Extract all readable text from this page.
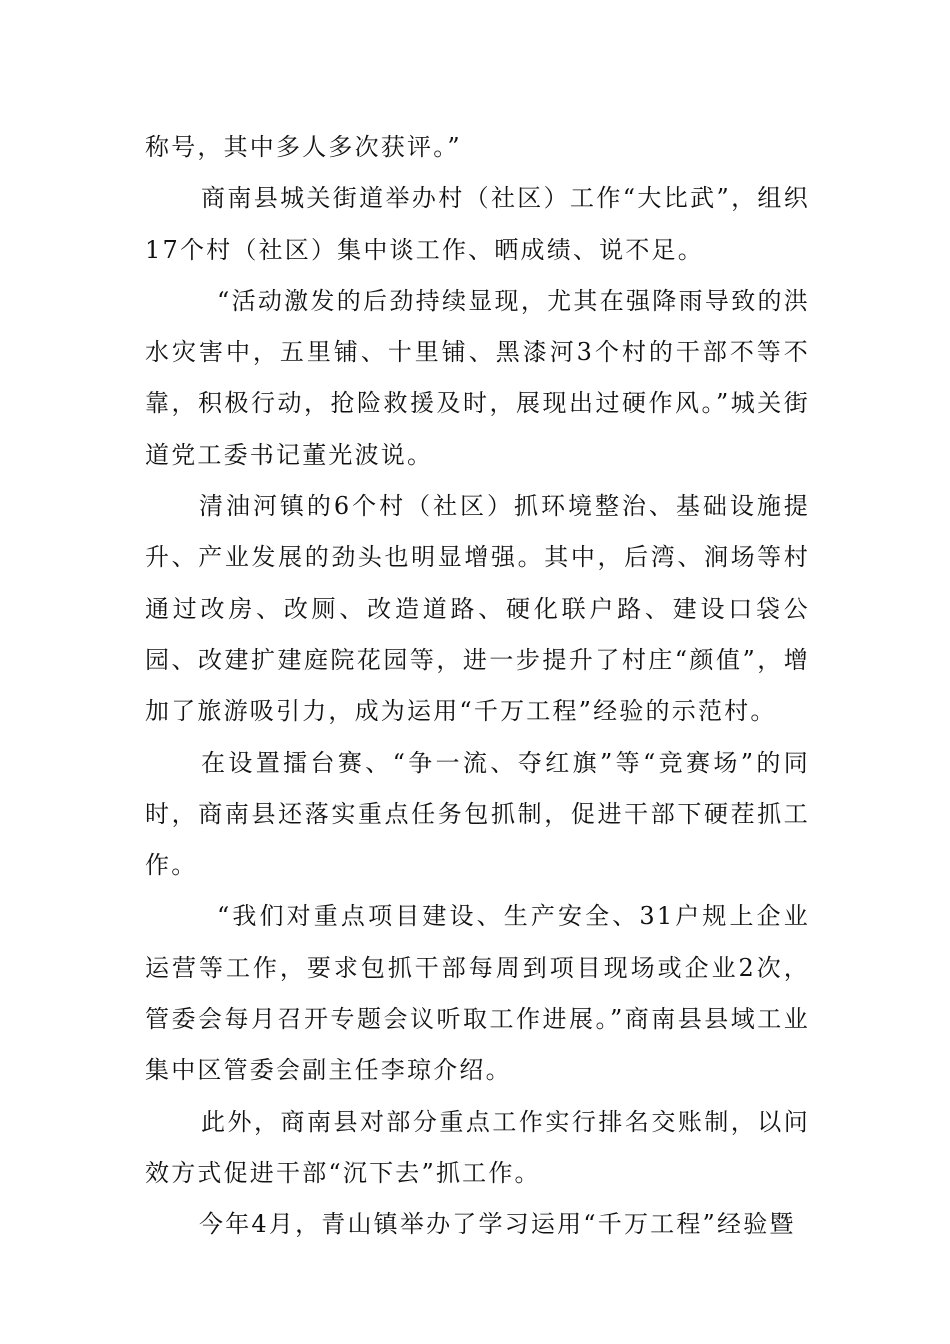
称号，其中多人多次获评。”

商南县城关街道举办村（社区）工作“大比武”，组织17个村（社区）集中谈工作、晒成绩、说不足。

“活动激发的后劲持续显现，尤其在强降雨导致的洪水灾害中，五里铺、十里铺、黑漆河3个村的干部不等不靠，积极行动，抢险救援及时，展现出过硬作风。”城关街道党工委书记董光波说。

清油河镇的6个村（社区）抓环境整治、基础设施提升、产业发展的劲头也明显增强。其中，后湾、涧场等村通过改房、改厕、改造道路、硬化联户路、建设口袋公园、改建扩建庭院花园等，进一步提升了村庄“颜值”，增加了旅游吸引力，成为运用“千万工程”经验的示范村。

在设置擂台赛、“争一流、夺红旗”等“竞赛场”的同时，商南县还落实重点任务包抓制，促进干部下硬茬抓工作。

“我们对重点项目建设、生产安全、31户规上企业运营等工作，要求包抓干部每周到项目现场或企业2次，管委会每月召开专题会议听取工作进展。”商南县县域工业集中区管委会副主任李琼介绍。

此外，商南县对部分重点工作实行排名交账制，以问效方式促进干部“沉下去”抓工作。

今年4月，青山镇举办了学习运用“千万工程”经验暨
